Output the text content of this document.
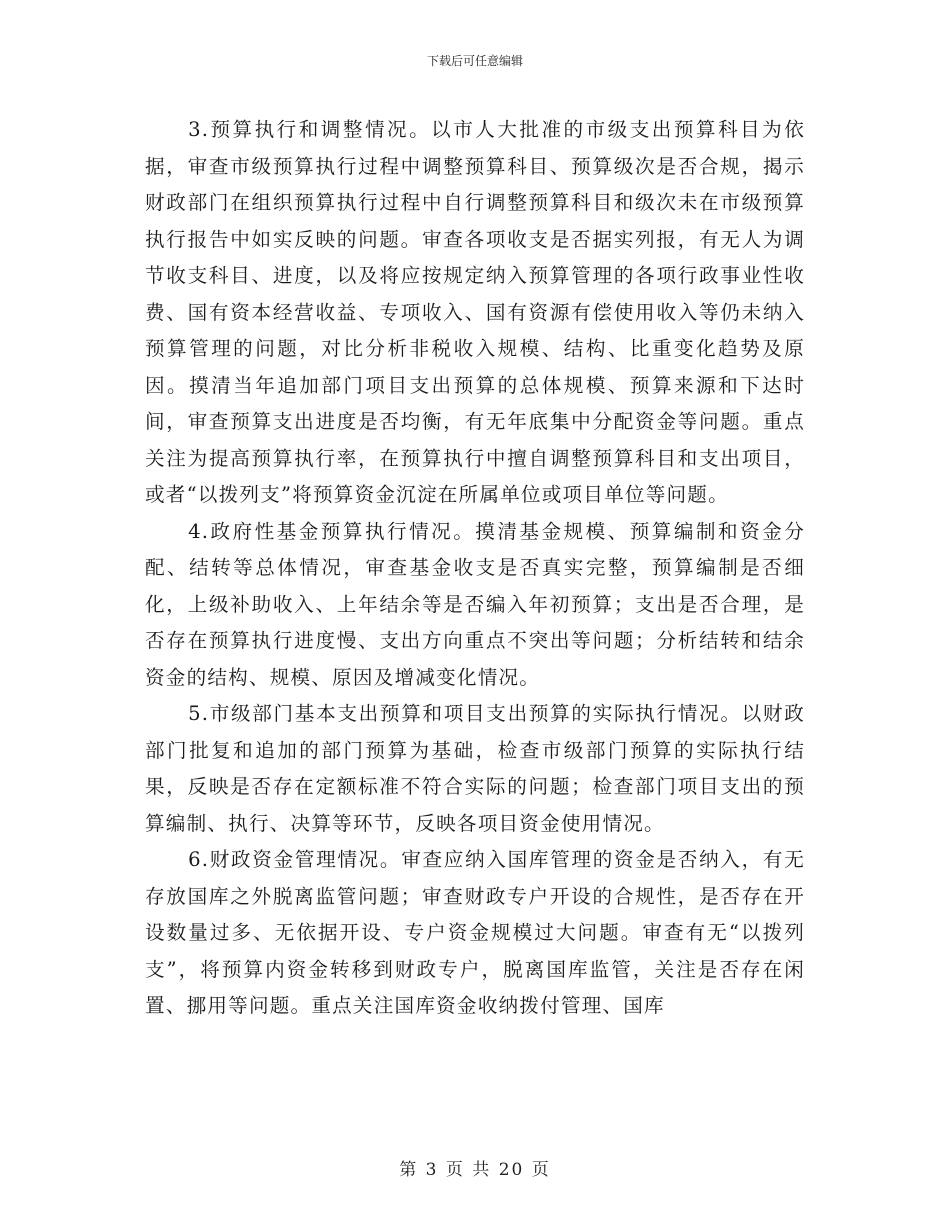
下载后可任意编辑

3.预算执行和调整情况。以市人大批准的市级支出预算科目为依据，审查市级预算执行过程中调整预算科目、预算级次是否合规，揭示财政部门在组织预算执行过程中自行调整预算科目和级次未在市级预算执行报告中如实反映的问题。审查各项收支是否据实列报，有无人为调节收支科目、进度，以及将应按规定纳入预算管理的各项行政事业性收费、国有资本经营收益、专项收入、国有资源有偿使用收入等仍未纳入预算管理的问题，对比分析非税收入规模、结构、比重变化趋势及原因。摸清当年追加部门项目支出预算的总体规模、预算来源和下达时间，审查预算支出进度是否均衡，有无年底集中分配资金等问题。重点关注为提高预算执行率，在预算执行中擅自调整预算科目和支出项目，或者“以拨列支”将预算资金沉淀在所属单位或项目单位等问题。

4.政府性基金预算执行情况。摸清基金规模、预算编制和资金分配、结转等总体情况，审查基金收支是否真实完整，预算编制是否细化，上级补助收入、上年结余等是否编入年初预算；支出是否合理，是否存在预算执行进度慢、支出方向重点不突出等问题；分析结转和结余资金的结构、规模、原因及增减变化情况。

5.市级部门基本支出预算和项目支出预算的实际执行情况。以财政部门批复和追加的部门预算为基础，检查市级部门预算的实际执行结果，反映是否存在定额标准不符合实际的问题；检查部门项目支出的预算编制、执行、决算等环节，反映各项目资金使用情况。

6.财政资金管理情况。审查应纳入国库管理的资金是否纳入，有无存放国库之外脱离监管问题；审查财政专户开设的合规性，是否存在开设数量过多、无依据开设、专户资金规模过大问题。审查有无“以拨列支”，将预算内资金转移到财政专户，脱离国库监管，关注是否存在闲置、挪用等问题。重点关注国库资金收纳拨付管理、国库

第 3 页 共 20 页
